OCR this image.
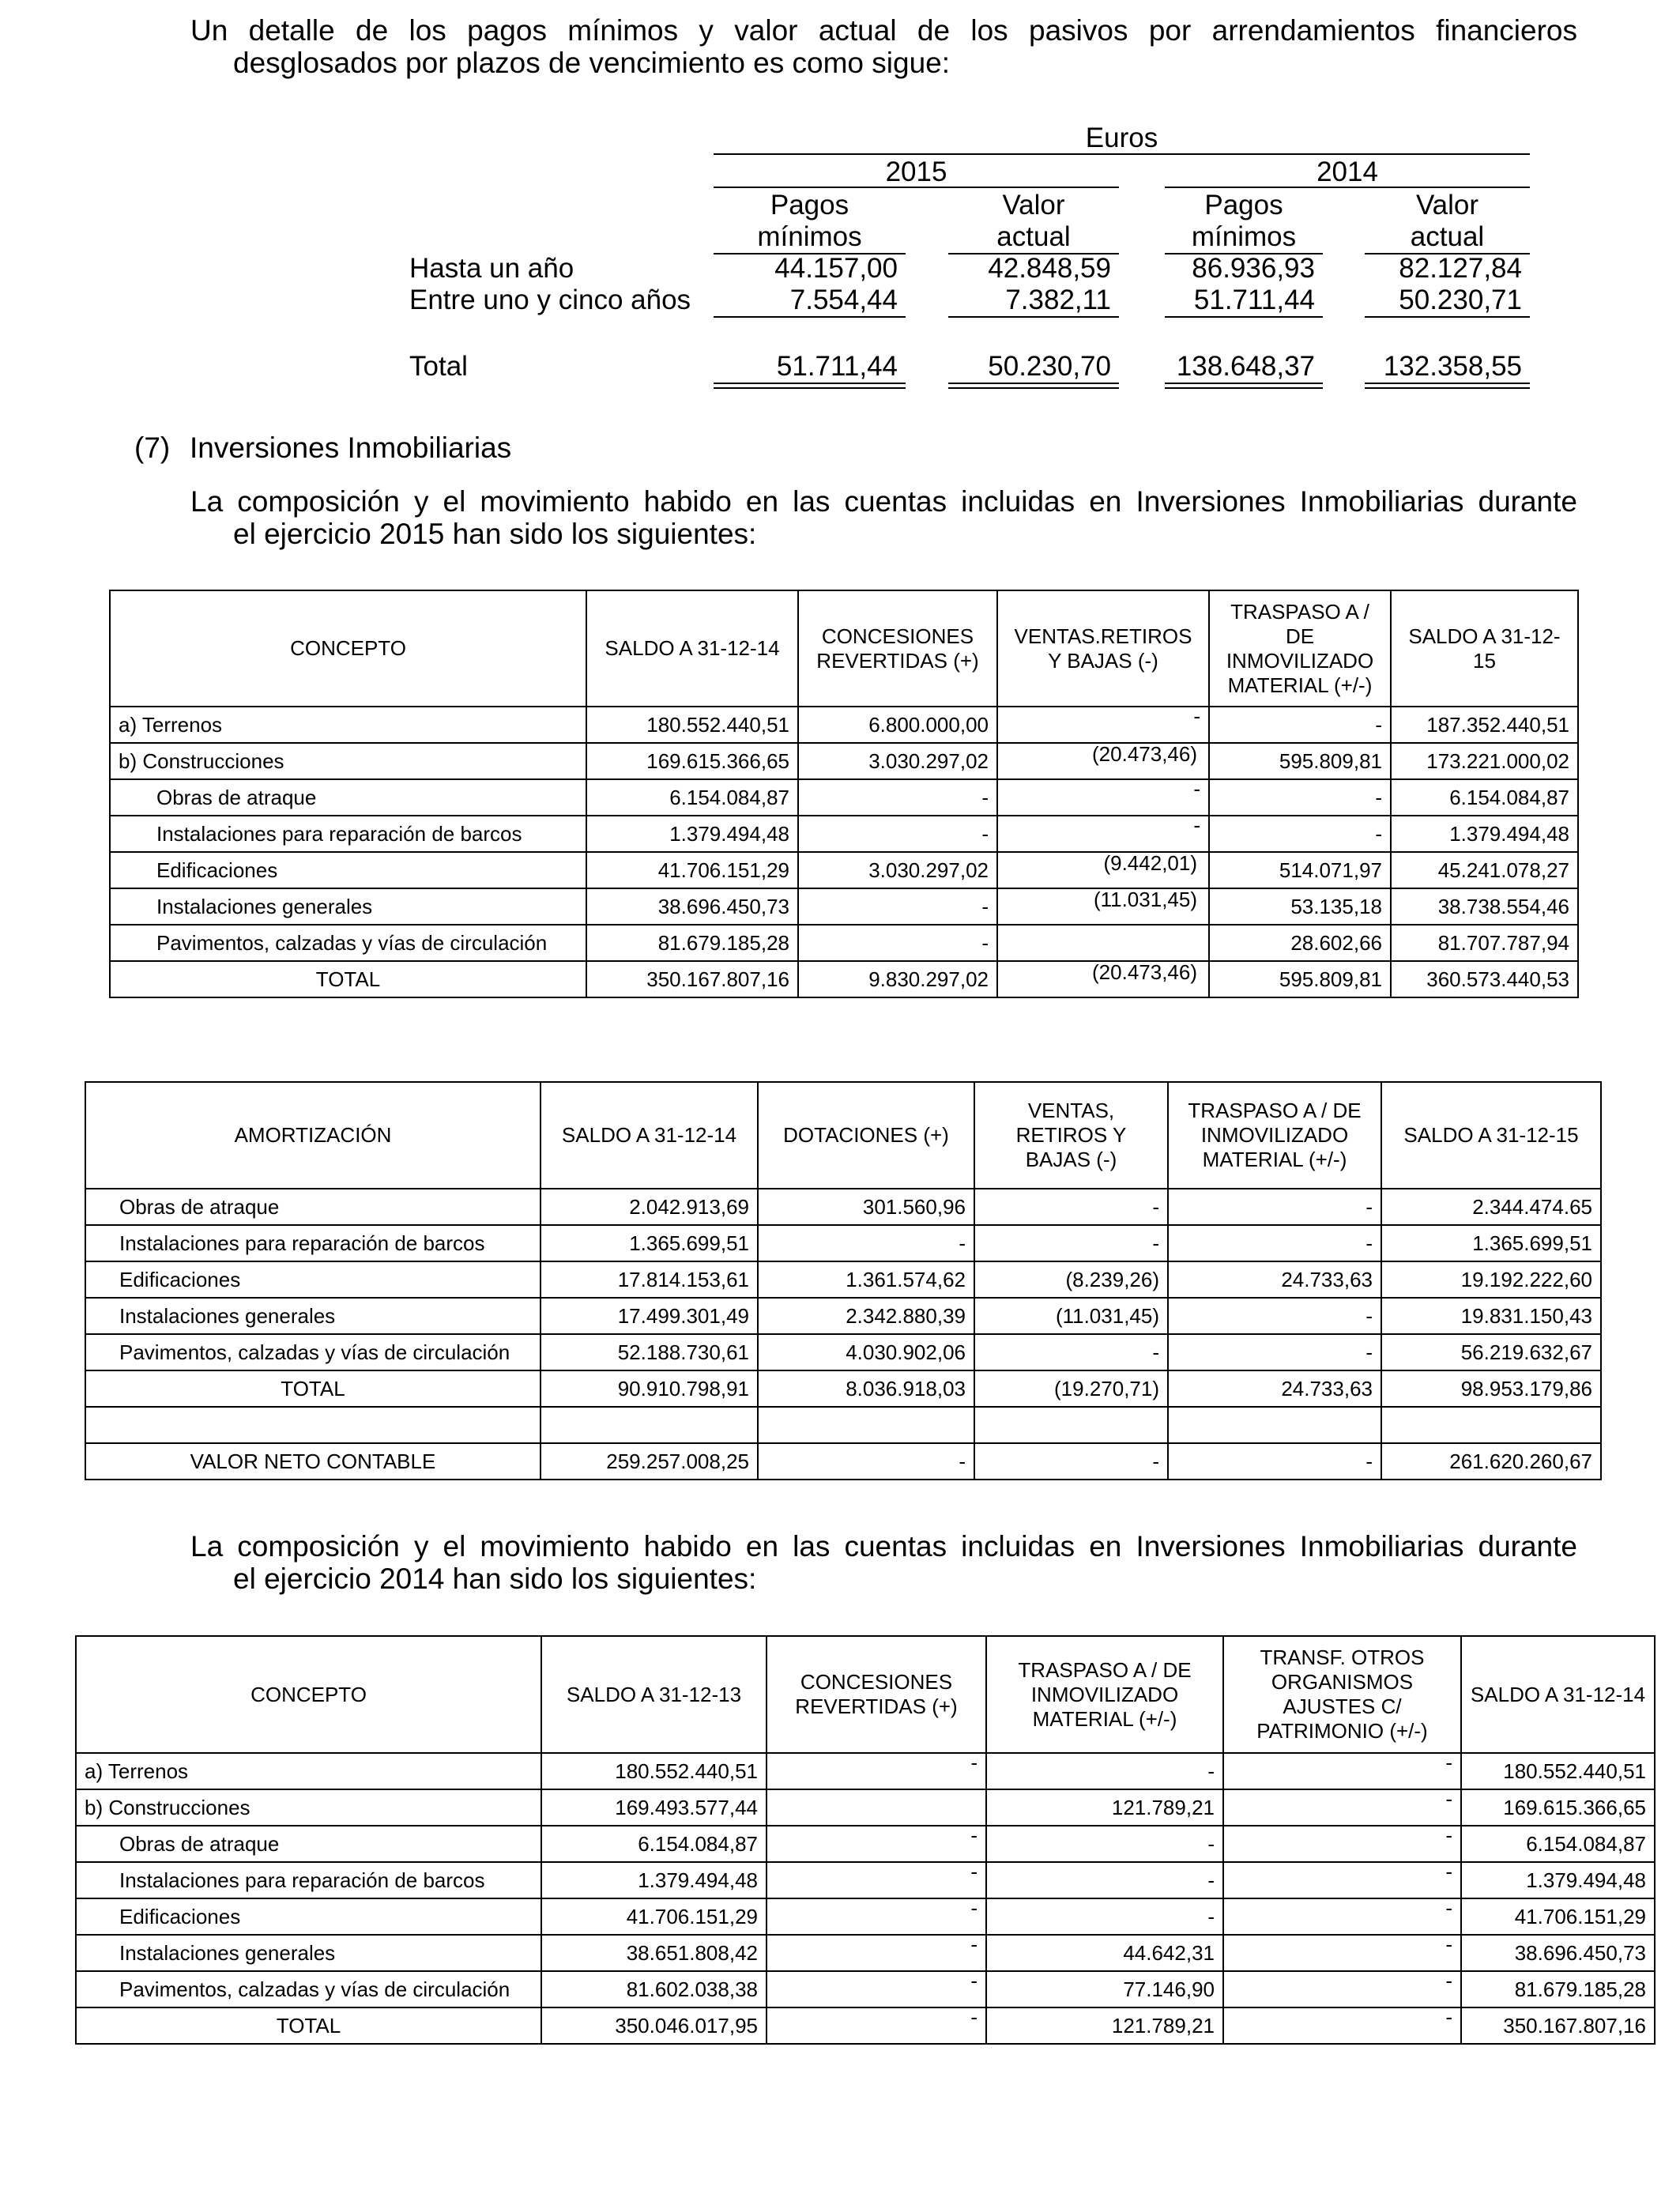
Un detalle de los pagos mínimos y valor actual de los pasivos por arrendamientos financieros
desglosados por plazos de vencimiento es como sigue:
Euros
2015	2014
Pagos
mínimos
Valor
actual
Pagos
mínimos
Valor
actual
Hasta un año	44.157,00	42.848,59	86.936,93	82.127,84
Entre uno y cinco años	7.554,44	7.382,11	51.711,44	50.230,71
Total	51.711,44	50.230,70	138.648,37	132.358,55
(7) Inversiones Inmobiliarias
La composición y el movimiento habido en las cuentas incluidas en Inversiones Inmobiliarias durante
el ejercicio 2015 han sido los siguientes:
CONCEPTO	SALDO A 31-12-14	CONCESIONES REVERTIDAS (+)	VENTAS.RETIROS Y BAJAS (-)	TRASPASO A / DE INMOVILIZADO MATERIAL (+/-)	SALDO A 31-12-15
a) Terrenos	180.552.440,51	6.800.000,00	-	-	187.352.440,51
b) Construcciones	169.615.366,65	3.030.297,02	(20.473,46)	595.809,81	173.221.000,02
Obras de atraque	6.154.084,87	-	-	-	6.154.084,87
Instalaciones para reparación de barcos	1.379.494,48	-	-	-	1.379.494,48
Edificaciones	41.706.151,29	3.030.297,02	(9.442,01)	514.071,97	45.241.078,27
Instalaciones generales	38.696.450,73	-	(11.031,45)	53.135,18	38.738.554,46
Pavimentos, calzadas y vías de circulación	81.679.185,28	-		28.602,66	81.707.787,94
TOTAL	350.167.807,16	9.830.297,02	(20.473,46)	595.809,81	360.573.440,53
AMORTIZACIÓN	SALDO A 31-12-14	DOTACIONES (+)	VENTAS, RETIROS Y BAJAS (-)	TRASPASO A / DE INMOVILIZADO MATERIAL (+/-)	SALDO A 31-12-15
Obras de atraque	2.042.913,69	301.560,96	-	-	2.344.474.65
Instalaciones para reparación de barcos	1.365.699,51	-	-	-	1.365.699,51
Edificaciones	17.814.153,61	1.361.574,62	(8.239,26)	24.733,63	19.192.222,60
Instalaciones generales	17.499.301,49	2.342.880,39	(11.031,45)	-	19.831.150,43
Pavimentos, calzadas y vías de circulación	52.188.730,61	4.030.902,06	-	-	56.219.632,67
TOTAL	90.910.798,91	8.036.918,03	(19.270,71)	24.733,63	98.953.179,86

VALOR NETO CONTABLE	259.257.008,25	-	-	-	261.620.260,67
La composición y el movimiento habido en las cuentas incluidas en Inversiones Inmobiliarias durante
el ejercicio 2014 han sido los siguientes:
CONCEPTO	SALDO A 31-12-13	CONCESIONES REVERTIDAS (+)	TRASPASO A / DE INMOVILIZADO MATERIAL (+/-)	TRANSF. OTROS ORGANISMOS AJUSTES C/ PATRIMONIO (+/-)	SALDO A 31-12-14
a) Terrenos	180.552.440,51	-	-	-	180.552.440,51
b) Construcciones	169.493.577,44		121.789,21	-	169.615.366,65
Obras de atraque	6.154.084,87	-	-	-	6.154.084,87
Instalaciones para reparación de barcos	1.379.494,48	-	-	-	1.379.494,48
Edificaciones	41.706.151,29	-	-	-	41.706.151,29
Instalaciones generales	38.651.808,42	-	44.642,31	-	38.696.450,73
Pavimentos, calzadas y vías de circulación	81.602.038,38	-	77.146,90	-	81.679.185,28
TOTAL	350.046.017,95	-	121.789,21	-	350.167.807,16
